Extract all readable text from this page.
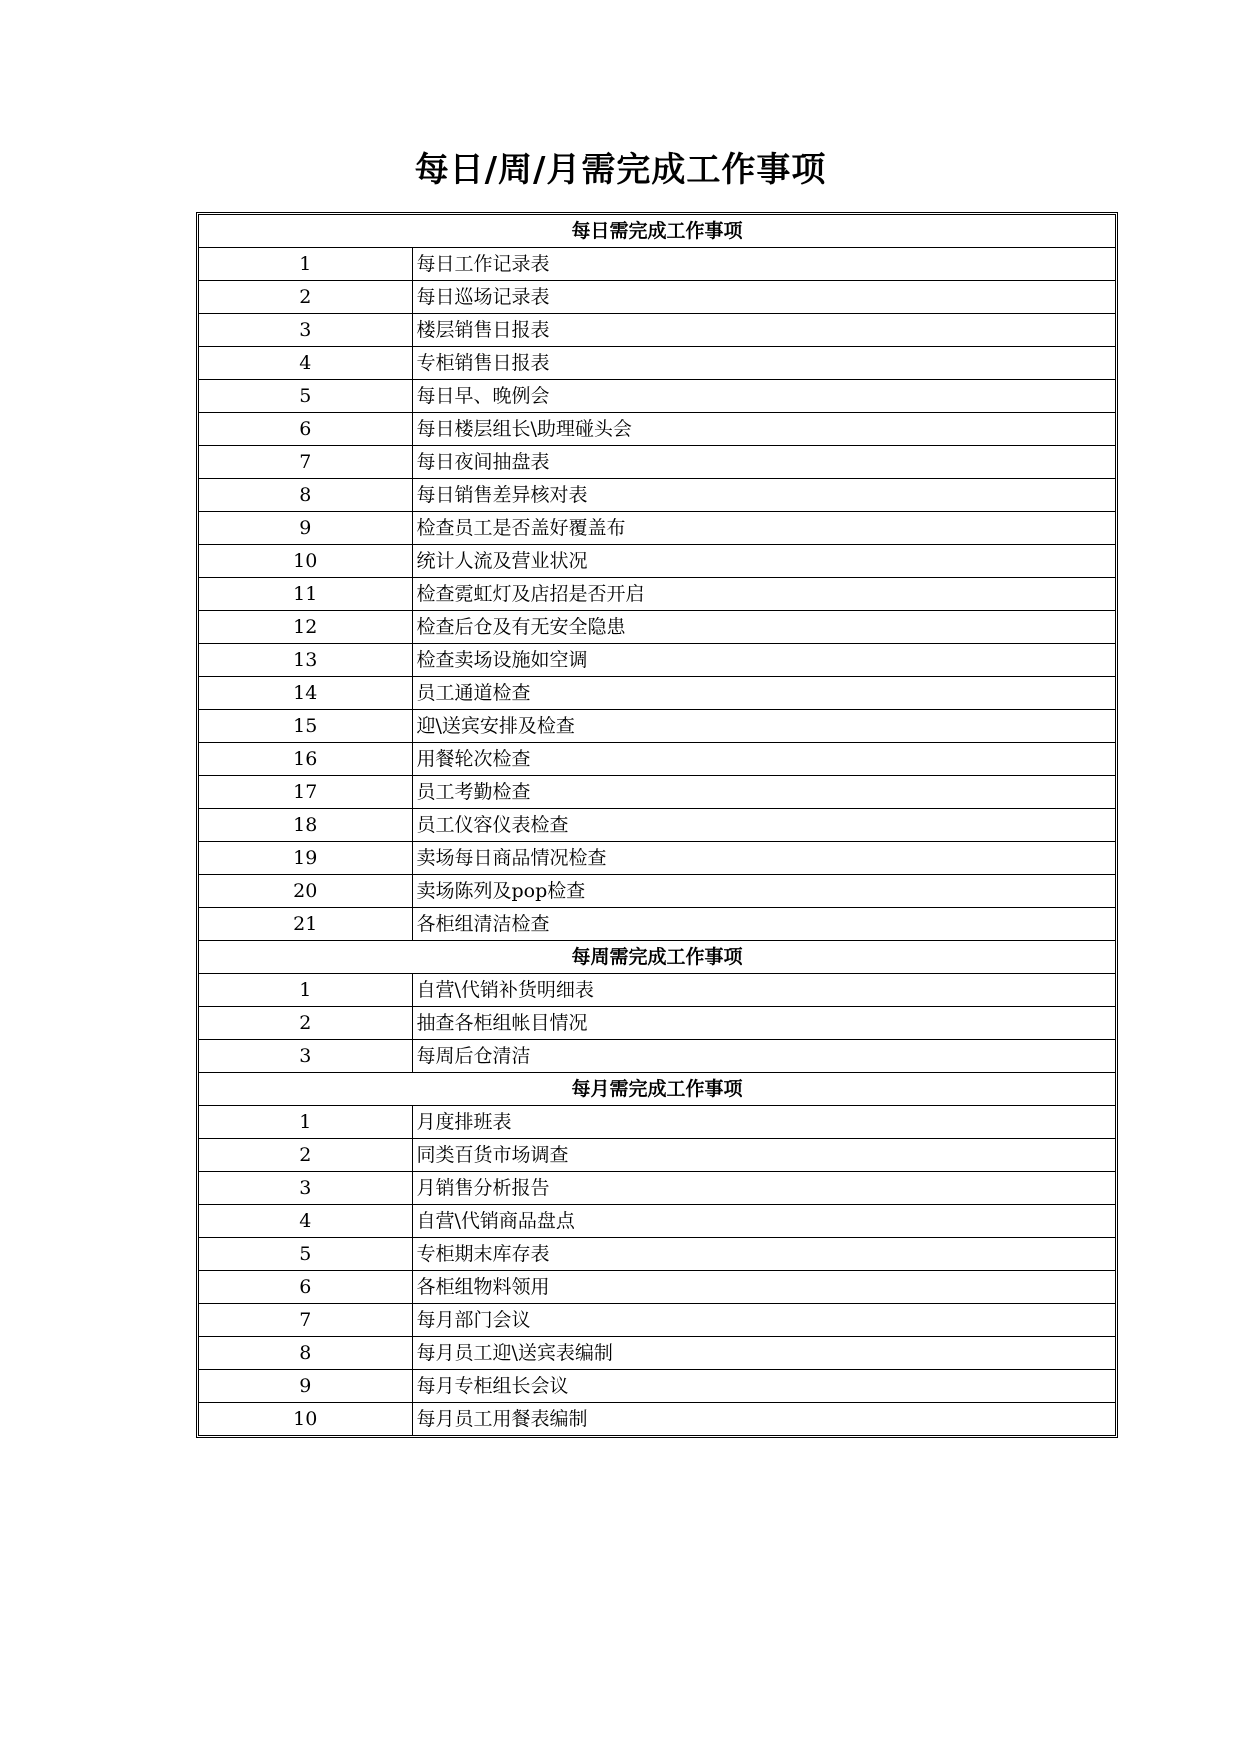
每日/周/月需完成工作事项
每日需完成工作事项	
1	每日工作记录表
2	每日巡场记录表
3	楼层销售日报表
4	专柜销售日报表
5	每日早、晚例会
6	每日楼层组长\助理碰头会
7	每日夜间抽盘表
8	每日销售差异核对表
9	检查员工是否盖好覆盖布
10	统计人流及营业状况
11	检查霓虹灯及店招是否开启
12	检查后仓及有无安全隐患
13	检查卖场设施如空调
14	员工通道检查
15	迎\送宾安排及检查
16	用餐轮次检查
17	员工考勤检查
18	员工仪容仪表检查
19	卖场每日商品情况检查
20	卖场陈列及pop检查
21	各柜组清洁检查
每周需完成工作事项	
1	自营\代销补货明细表
2	抽查各柜组帐目情况
3	每周后仓清洁
每月需完成工作事项	
1	月度排班表
2	同类百货市场调查
3	月销售分析报告
4	自营\代销商品盘点
5	专柜期末库存表
6	各柜组物料领用
7	每月部门会议
8	每月员工迎\送宾表编制
9	每月专柜组长会议
10	每月员工用餐表编制
